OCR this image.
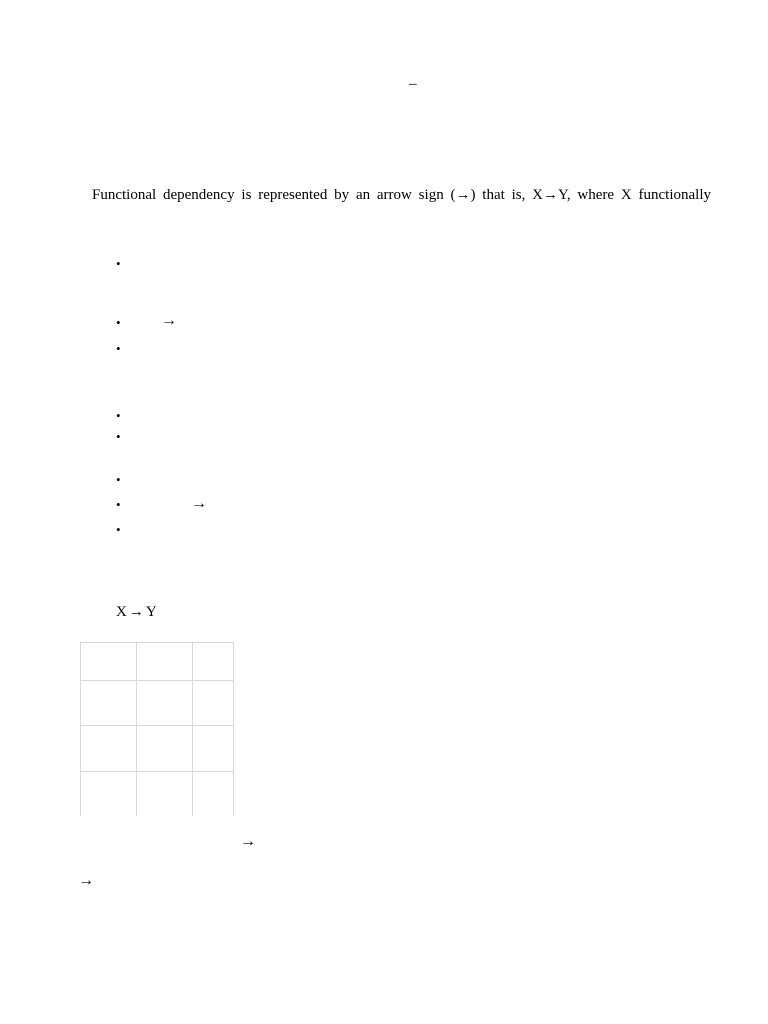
–
Functional dependency is represented by an arrow sign (→) that is, X→Y, where X functionally
•
•	→
•
•
•
•
•	→
•
X → Y

→
→
